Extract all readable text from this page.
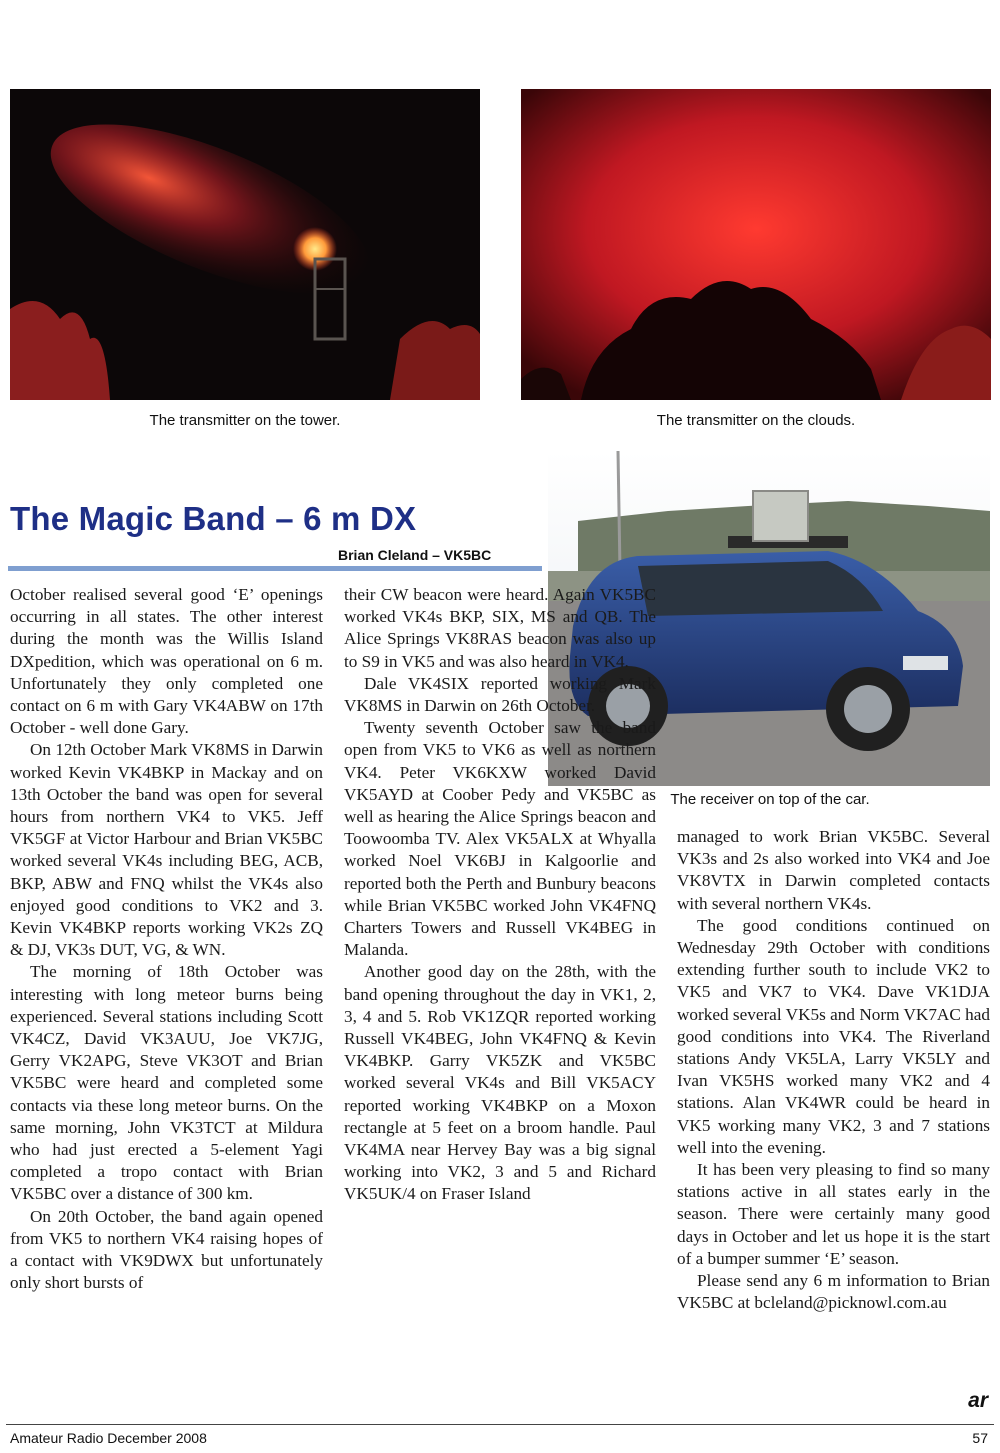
The transmitter on the tower.	The transmitter on the clouds.
The Magic Band – 6 m DX
Brian Cleland – VK5BC
The receiver on top of the car.

October realised several good ‘E’ openings occurring in all states. The other interest during the month was the Willis Island DXpedition, which was operational on 6 m. Unfortunately they only completed one contact on 6 m with Gary VK4ABW on 17th October - well done Gary.

On 12th October Mark VK8MS in Darwin worked Kevin VK4BKP in Mackay and on 13th October the band was open for several hours from northern VK4 to VK5. Jeff VK5GF at Victor Harbour and Brian VK5BC worked several VK4s including BEG, ACB, BKP, ABW and FNQ whilst the VK4s also enjoyed good conditions to VK2 and 3. Kevin VK4BKP reports working VK2s ZQ & DJ, VK3s DUT, VG, & WN.

The morning of 18th October was interesting with long meteor burns being experienced. Several stations including Scott VK4CZ, David VK3AUU, Joe VK7JG, Gerry VK2APG, Steve VK3OT and Brian VK5BC were heard and completed some contacts via these long meteor burns. On the same morning, John VK3TCT at Mildura who had just erected a 5-element Yagi completed a tropo contact with Brian VK5BC over a distance of 300 km.

On 20th October, the band again opened from VK5 to northern VK4 raising hopes of a contact with VK9DWX but unfortunately only short bursts of

their CW beacon were heard. Again VK5BC worked VK4s BKP, SIX, MS and QB. The Alice Springs VK8RAS beacon was also up to S9 in VK5 and was also heard in VK4.

Dale VK4SIX reported working Mark VK8MS in Darwin on 26th October.

Twenty seventh October saw the band open from VK5 to VK6 as well as northern VK4. Peter VK6KXW worked David VK5AYD at Coober Pedy and VK5BC as well as hearing the Alice Springs beacon and Toowoomba TV. Alex VK5ALX at Whyalla worked Noel VK6BJ in Kalgoorlie and reported both the Perth and Bunbury beacons while Brian VK5BC worked John VK4FNQ Charters Towers and Russell VK4BEG in Malanda.

Another good day on the 28th, with the band opening throughout the day in VK1, 2, 3, 4 and 5. Rob VK1ZQR reported working Russell VK4BEG, John VK4FNQ & Kevin VK4BKP. Garry VK5ZK and VK5BC worked several VK4s and Bill VK5ACY reported working VK4BKP on a Moxon rectangle at 5 feet on a broom handle. Paul VK4MA near Hervey Bay was a big signal working into VK2, 3 and 5 and Richard VK5UK/4 on Fraser Island

managed to work Brian VK5BC. Several VK3s and 2s also worked into VK4 and Joe VK8VTX in Darwin completed contacts with several northern VK4s.

The good conditions continued on Wednesday 29th October with conditions extending further south to include VK2 to VK5 and VK7 to VK4. Dave VK1DJA worked several VK5s and Norm VK7AC had good conditions into VK4. The Riverland stations Andy VK5LA, Larry VK5LY and Ivan VK5HS worked many VK2 and 4 stations. Alan VK4WR could be heard in VK5 working many VK2, 3 and 7 stations well into the evening.

It has been very pleasing to find so many stations active in all states early in the season. There were certainly many good days in October and let us hope it is the start of a bumper summer ‘E’ season.

Please send any 6 m information to Brian VK5BC at bcleland@picknowl.com.au

ar
Amateur Radio December 2008	57
